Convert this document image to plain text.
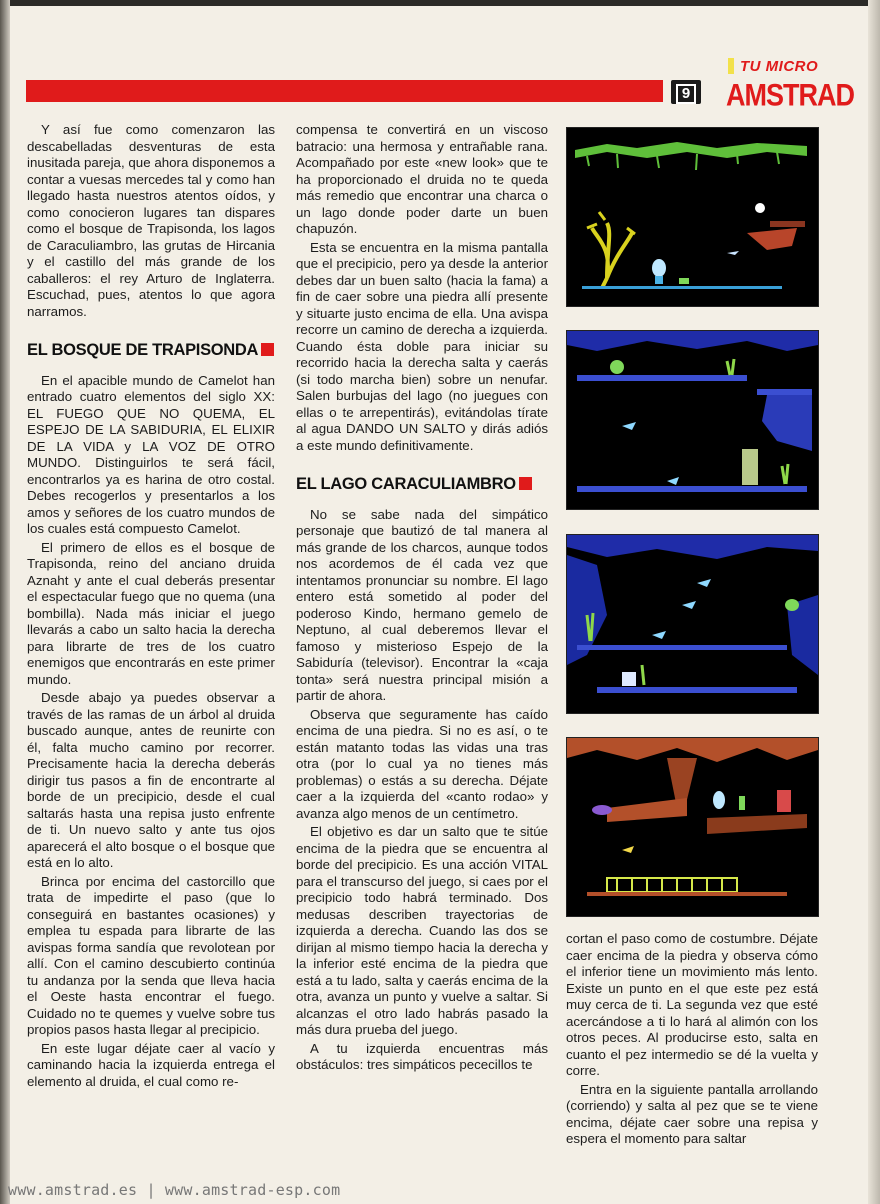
9
TU MICRO
AMSTRAD

Y así fue como comenzaron las descabelladas desventuras de esta inusitada pareja, que ahora disponemos a contar a vuesas mercedes tal y como han llegado hasta nuestros atentos oídos, y como conocieron lugares tan dispares como el bosque de Trapisonda, los lagos de Caraculiambro, las grutas de Hircania y el castillo del más grande de los caballeros: el rey Arturo de Inglaterra. Escuchad, pues, atentos lo que agora narramos.

EL BOSQUE DE TRAPISONDA

En el apacible mundo de Camelot han entrado cuatro elementos del siglo XX: EL FUEGO QUE NO QUEMA, EL ESPEJO DE LA SABIDURIA, EL ELIXIR DE LA VIDA y LA VOZ DE OTRO MUNDO. Distinguirlos te será fácil, encontrarlos ya es harina de otro costal. Debes recogerlos y presentarlos a los amos y señores de los cuatro mundos de los cuales está compuesto Camelot.

El primero de ellos es el bosque de Trapisonda, reino del anciano druida Aznaht y ante el cual deberás presentar el espectacular fuego que no quema (una bombilla). Nada más iniciar el juego llevarás a cabo un salto hacia la derecha para librarte de tres de los cuatro enemigos que encontrarás en este primer mundo.

Desde abajo ya puedes observar a través de las ramas de un árbol al druida buscado aunque, antes de reunirte con él, falta mucho camino por recorrer. Precisamente hacia la derecha deberás dirigir tus pasos a fin de encontrarte al borde de un precipicio, desde el cual saltarás hasta una repisa justo enfrente de ti. Un nuevo salto y ante tus ojos aparecerá el alto bosque o el bosque que está en lo alto.

Brinca por encima del castorcillo que trata de impedirte el paso (que lo conseguirá en bastantes ocasiones) y emplea tu espada para librarte de las avispas forma sandía que revolotean por allí. Con el camino descubierto continúa tu andanza por la senda que lleva hacia el Oeste hasta encontrar el fuego. Cuidado no te quemes y vuelve sobre tus propios pasos hasta llegar al precipicio.

En este lugar déjate caer al vacío y caminando hacia la izquierda entrega el elemento al druida, el cual como re-

compensa te convertirá en un viscoso batracio: una hermosa y entrañable rana. Acompañado por este «new look» que te ha proporcionado el druida no te queda más remedio que encontrar una charca o un lago donde poder darte un buen chapuzón.

Esta se encuentra en la misma pantalla que el precipicio, pero ya desde la anterior debes dar un buen salto (hacia la fama) a fin de caer sobre una piedra allí presente y situarte justo encima de ella. Una avispa recorre un camino de derecha a izquierda. Cuando ésta doble para iniciar su recorrido hacia la derecha salta y caerás (si todo marcha bien) sobre un nenufar. Salen burbujas del lago (no juegues con ellas o te arrepentirás), evitándolas tírate al agua DANDO UN SALTO y dirás adiós a este mundo definitivamente.

EL LAGO CARACULIAMBRO

No se sabe nada del simpático personaje que bautizó de tal manera al más grande de los charcos, aunque todos nos acordemos de él cada vez que intentamos pronunciar su nombre. El lago entero está sometido al poder del poderoso Kindo, hermano gemelo de Neptuno, al cual deberemos llevar el famoso y misterioso Espejo de la Sabiduría (televisor). Encontrar la «caja tonta» será nuestra principal misión a partir de ahora.

Observa que seguramente has caído encima de una piedra. Si no es así, o te están matanto todas las vidas una tras otra (por lo cual ya no tienes más problemas) o estás a su derecha. Déjate caer a la izquierda del «canto rodao» y avanza algo menos de un centímetro.

El objetivo es dar un salto que te sitúe encima de la piedra que se encuentra al borde del precipicio. Es una acción VITAL para el transcurso del juego, si caes por el precipicio todo habrá terminado. Dos medusas describen trayectorias de izquierda a derecha. Cuando las dos se dirijan al mismo tiempo hacia la derecha y la inferior esté encima de la piedra que está a tu lado, salta y caerás encima de la otra, avanza un punto y vuelve a saltar. Si alcanzas el otro lado habrás pasado la más dura prueba del juego.

A tu izquierda encuentras más obstáculos: tres simpáticos pececillos te

cortan el paso como de costumbre. Déjate caer encima de la piedra y observa cómo el inferior tiene un movimiento más lento. Existe un punto en el que este pez está muy cerca de ti. La segunda vez que esté acercándose a ti lo hará al alimón con los otros peces. Al producirse esto, salta en cuanto el pez intermedio se dé la vuelta y corre.

Entra en la siguiente pantalla arrollando (corriendo) y salta al pez que se te viene encima, déjate caer sobre una repisa y espera el momento para saltar

www.amstrad.es | www.amstrad-esp.com
